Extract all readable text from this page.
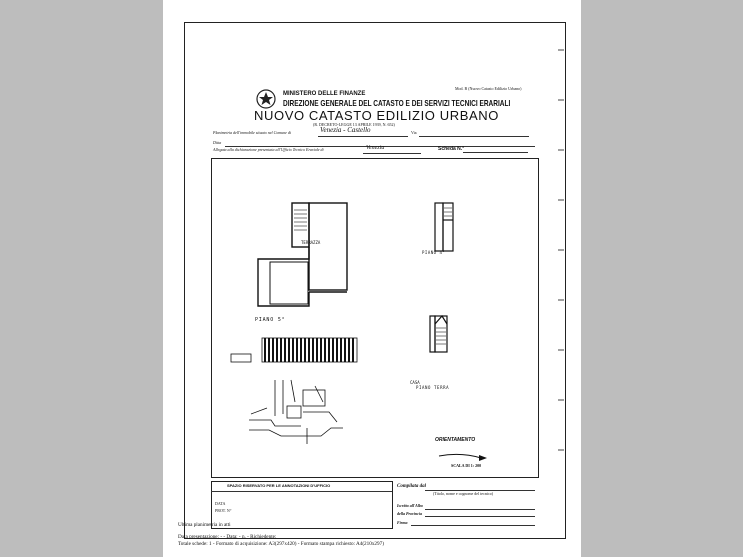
Mod. B (Nuovo Catasto Edilizio Urbano)
MINISTERO DELLE FINANZE
DIREZIONE GENERALE DEL CATASTO E DEI SERVIZI TECNICI ERARIALI
NUOVO CATASTO EDILIZIO URBANO
(R. DECRETO-LEGGE 13 APRILE 1939, N. 652)
Planimetria dell'immobile situato nel Comune di	Venezia - Castello	Via
Ditta
Allegata alla dichiarazione presentata all'Ufficio Tecnico Erariale di	Venezia	Scheda N.°
TERRAZZA
PIANO 5°
PIANO 4°
CASA
PIANO TERRA
ORIENTAMENTO
SCALA DI 1: 200
SPAZIO RISERVATO PER LE ANNOTAZIONI D'UFFICIO
DATA
PROT. N°
Compilata dal
(Titolo, nome e cognome del tecnico)
Iscritto all'Albo
della Provincia
Firma
Ultima planimetria in atti
Data presentazione: - - Data: - n. - Richiedente:
Totale schede: 1 - Formato di acquisizione: A3(297x420) - Formato stampa richiesto: A4(210x297)
